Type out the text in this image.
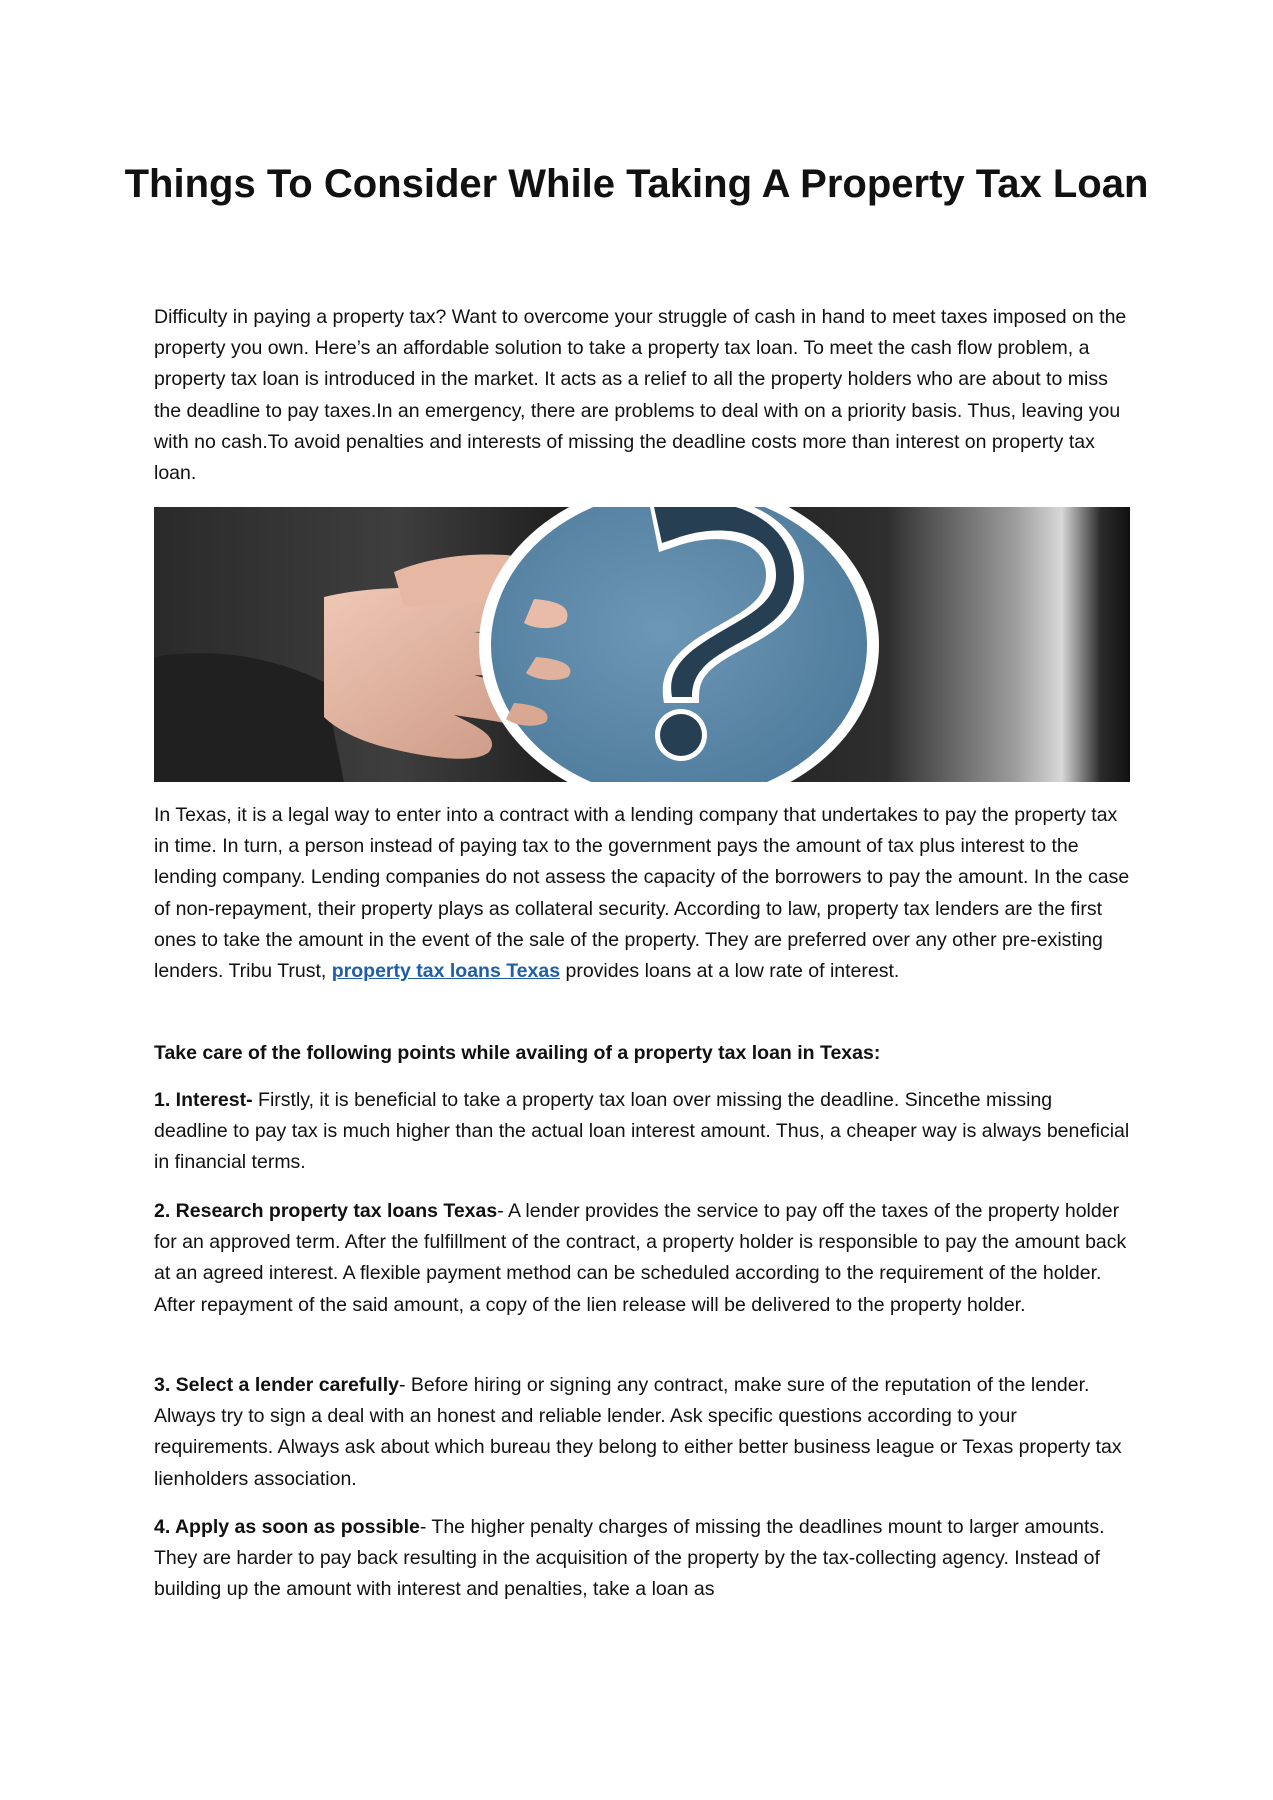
Things To Consider While Taking A Property Tax Loan

Difficulty in paying a property tax? Want to overcome your struggle of cash in hand to meet taxes imposed on the property you own. Here’s an affordable solution to take a property tax loan. To meet the cash flow problem, a property tax loan is introduced in the market. It acts as a relief to all the property holders who are about to miss the deadline to pay taxes.In an emergency, there are problems to deal with on a priority basis. Thus, leaving you with no cash.To avoid penalties and interests of missing the deadline costs more than interest on property tax loan.

In Texas, it is a legal way to enter into a contract with a lending company that undertakes to pay the property tax in time. In turn, a person instead of paying tax to the government pays the amount of tax plus interest to the lending company. Lending companies do not assess the capacity of the borrowers to pay the amount. In the case of non-repayment, their property plays as collateral security. According to law, property tax lenders are the first ones to take the amount in the event of the sale of the property. They are preferred over any other pre-existing lenders. Tribu Trust, property tax loans Texas provides loans at a low rate of interest.

Take care of the following points while availing of a property tax loan in Texas:

1. Interest- Firstly, it is beneficial to take a property tax loan over missing the deadline. Sincethe missing deadline to pay tax is much higher than the actual loan interest amount. Thus, a cheaper way is always beneficial in financial terms.

2. Research property tax loans Texas- A lender provides the service to pay off the taxes of the property holder for an approved term. After the fulfillment of the contract, a property holder is responsible to pay the amount back at an agreed interest. A flexible payment method can be scheduled according to the requirement of the holder. After repayment of the said amount, a copy of the lien release will be delivered to the property holder.

3. Select a lender carefully- Before hiring or signing any contract, make sure of the reputation of the lender. Always try to sign a deal with an honest and reliable lender. Ask specific questions according to your requirements. Always ask about which bureau they belong to either better business league or Texas property tax lienholders association.

4. Apply as soon as possible- The higher penalty charges of missing the deadlines mount to larger amounts. They are harder to pay back resulting in the acquisition of the property by the tax-collecting agency. Instead of building up the amount with interest and penalties, take a loan as
